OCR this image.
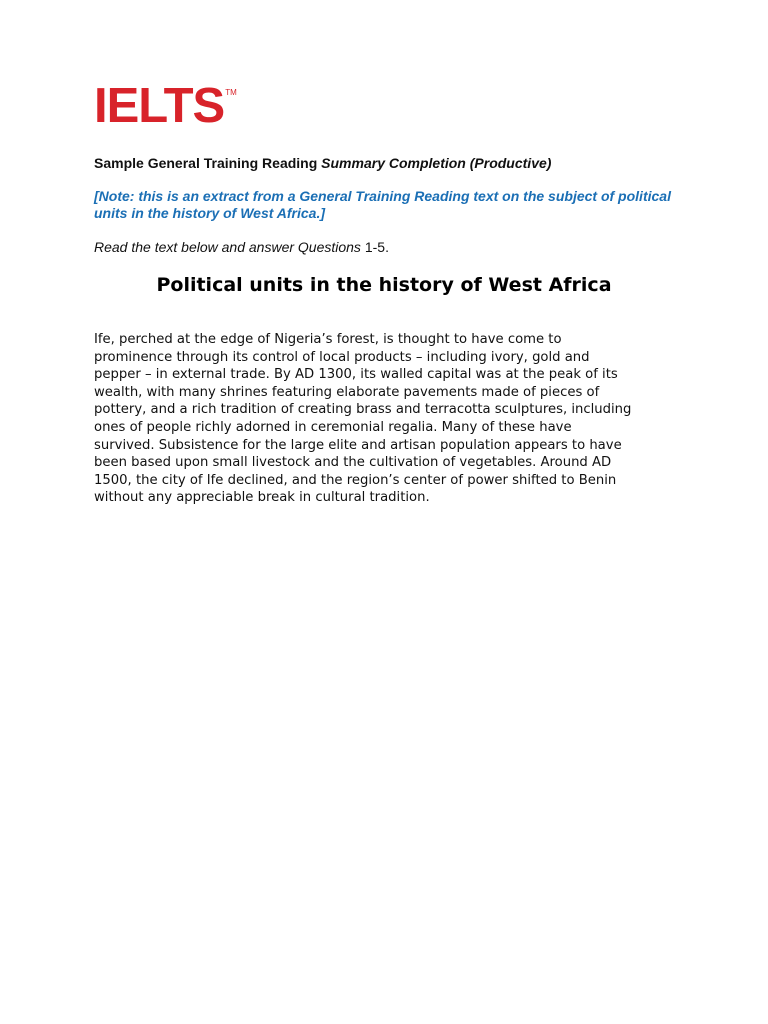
IELTS TM
Sample General Training Reading Summary Completion (Productive)
[Note: this is an extract from a General Training Reading text on the subject of political units in the history of West Africa.]
Read the text below and answer Questions 1-5.
Political units in the history of West Africa
Ife, perched at the edge of Nigeria’s forest, is thought to have come to
prominence through its control of local products – including ivory, gold and
pepper – in external trade. By AD 1300, its walled capital was at the peak of its
wealth, with many shrines featuring elaborate pavements made of pieces of
pottery, and a rich tradition of creating brass and terracotta sculptures, including
ones of people richly adorned in ceremonial regalia. Many of these have
survived. Subsistence for the large elite and artisan population appears to have
been based upon small livestock and the cultivation of vegetables. Around AD
1500, the city of Ife declined, and the region’s center of power shifted to Benin
without any appreciable break in cultural tradition.
